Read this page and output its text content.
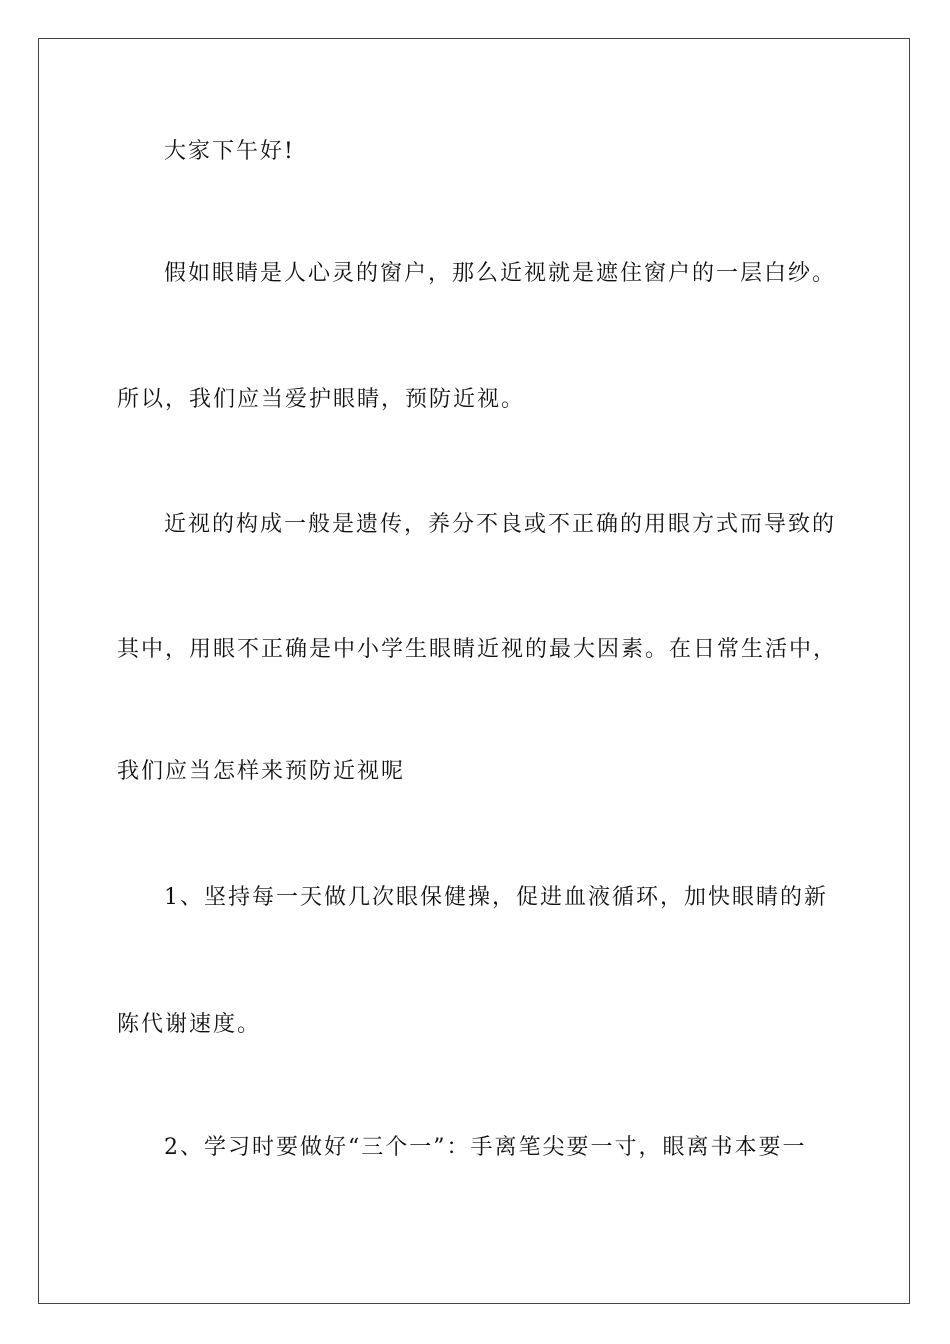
大家下午好!
假如眼睛是人心灵的窗户，那么近视就是遮住窗户的一层白纱。
所以，我们应当爱护眼睛，预防近视。
近视的构成一般是遗传，养分不良或不正确的用眼方式而导致的
其中，用眼不正确是中小学生眼睛近视的最大因素。在日常生活中，
我们应当怎样来预防近视呢
1、坚持每一天做几次眼保健操，促进血液循环，加快眼睛的新
陈代谢速度。
2、学习时要做好“三个一”：手离笔尖要一寸，眼离书本要一
